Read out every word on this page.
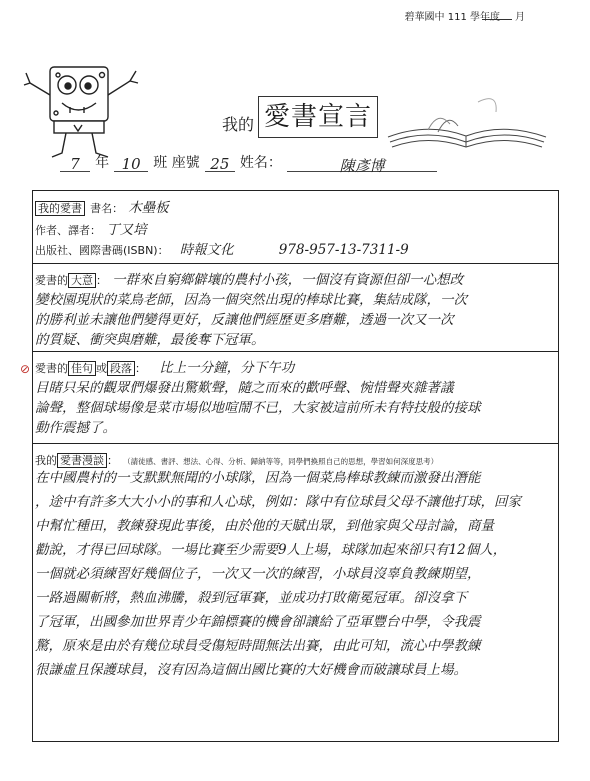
碧華國中 111 學年度 月
我的 愛書宣言
7 年 10 班 座號 25 姓名：	陳彥博
我的愛書 書名： 木壘板
作者、譯者： 丁又培
出版社、國際書碼(ISBN)： 時報文化	978-957-13-7311-9
愛書的 大意 ： 一群來自窮鄉僻壤的農村小孩，一個沒有資源但卻一心想改
變校園現狀的菜鳥老師，因為一個突然出現的棒球比賽，集結成隊，一次
的勝利並未讓他們變得更好，反讓他們經歷更多磨難，透過一次又一次
的質疑、衝突與磨難，最後奪下冠軍。
愛書的 佳句 或 段落 ： 比上一分鐘，分下午功
目睹只呆的觀眾們爆發出驚歎聲，隨之而來的歡呼聲、惋惜聲夾雜著議
論聲，整個球場像是菜市場似地喧鬧不已，大家被這前所未有特技般的接球
動作震撼了。
我的 愛書漫談 ： （請徒感、書評、想法、心得、分析、歸納等等，同學們換照自己的思想，學習如何深度思考）
在中國農村的一支默默無聞的小球隊，因為一個菜鳥棒球教練而激發出潛能
，途中有許多大大小小的事和人心球，例如：隊中有位球員父母不讓他打球，回家
中幫忙種田，教練發現此事後，由於他的天賦出眾，到他家與父母討論，商量
勸說，才得已回球隊。一場比賽至少需要9人上場，球隊加起來卻只有12個人，
一個就必須練習好幾個位子，一次又一次的練習，小球員沒辜負教練期望，
一路過關斬將，熱血沸騰，殺到冠軍賽，並成功打敗衛冕冠軍。卻沒拿下
了冠軍，出國參加世界青少年錦標賽的機會卻讓給了亞軍豐台中學，令我震
驚，原來是由於有幾位球員受傷短時間無法出賽，由此可知，流心中學教練
很謙虛且保護球員，沒有因為這個出國比賽的大好機會而破讓球員上場。
⊘
